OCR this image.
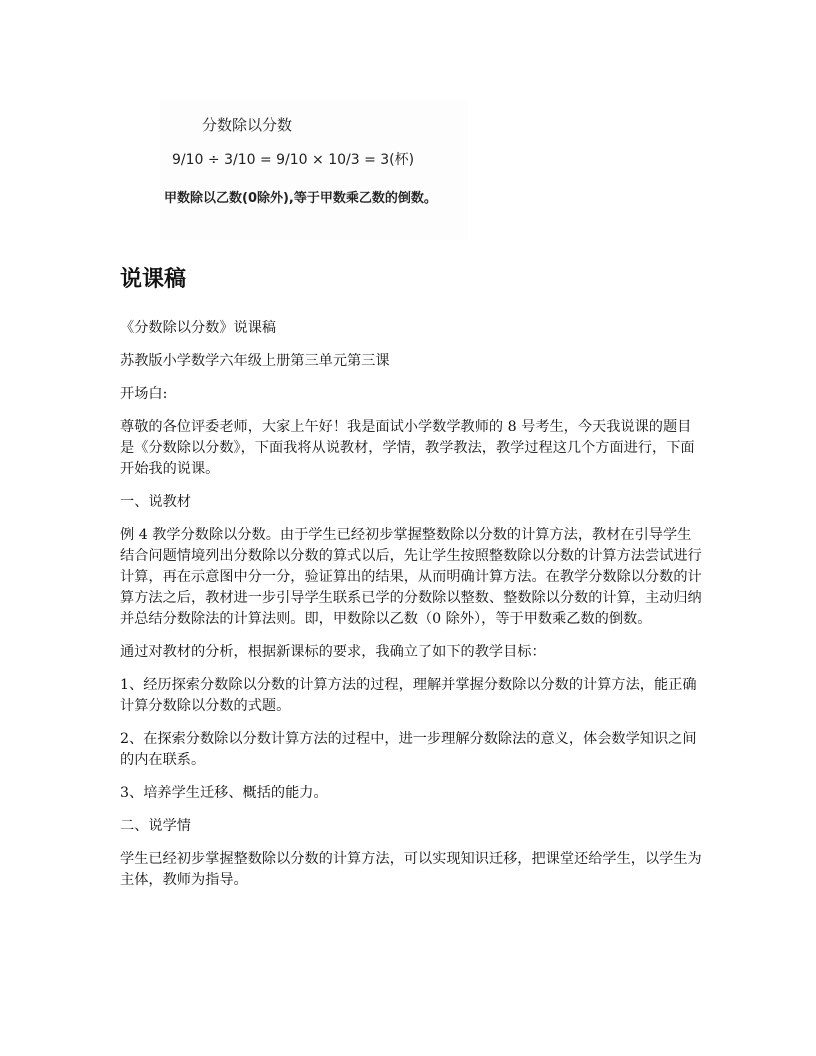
分数除以分数
9/10 ÷ 3/10 = 9/10 × 10/3 = 3(杯)
甲数除以乙数(0除外),等于甲数乘乙数的倒数。
说课稿

《分数除以分数》说课稿

苏教版小学数学六年级上册第三单元第三课

开场白:

尊敬的各位评委老师，大家上午好！我是面试小学数学教师的 8 号考生，今天我说课的题目是《分数除以分数》，下面我将从说教材，学情，教学教法，教学过程这几个方面进行，下面开始我的说课。

一、说教材

例 4 教学分数除以分数。由于学生已经初步掌握整数除以分数的计算方法，教材在引导学生结合问题情境列出分数除以分数的算式以后，先让学生按照整数除以分数的计算方法尝试进行计算，再在示意图中分一分，验证算出的结果，从而明确计算方法。在教学分数除以分数的计算方法之后，教材进一步引导学生联系已学的分数除以整数、整数除以分数的计算，主动归纳并总结分数除法的计算法则。即，甲数除以乙数（0 除外），等于甲数乘乙数的倒数。

通过对教材的分析，根据新课标的要求，我确立了如下的教学目标：

1、经历探索分数除以分数的计算方法的过程，理解并掌握分数除以分数的计算方法，能正确计算分数除以分数的式题。

2、在探索分数除以分数计算方法的过程中，进一步理解分数除法的意义，体会数学知识之间的内在联系。

3、培养学生迁移、概括的能力。

二、说学情

学生已经初步掌握整数除以分数的计算方法，可以实现知识迁移，把课堂还给学生，以学生为主体，教师为指导。
